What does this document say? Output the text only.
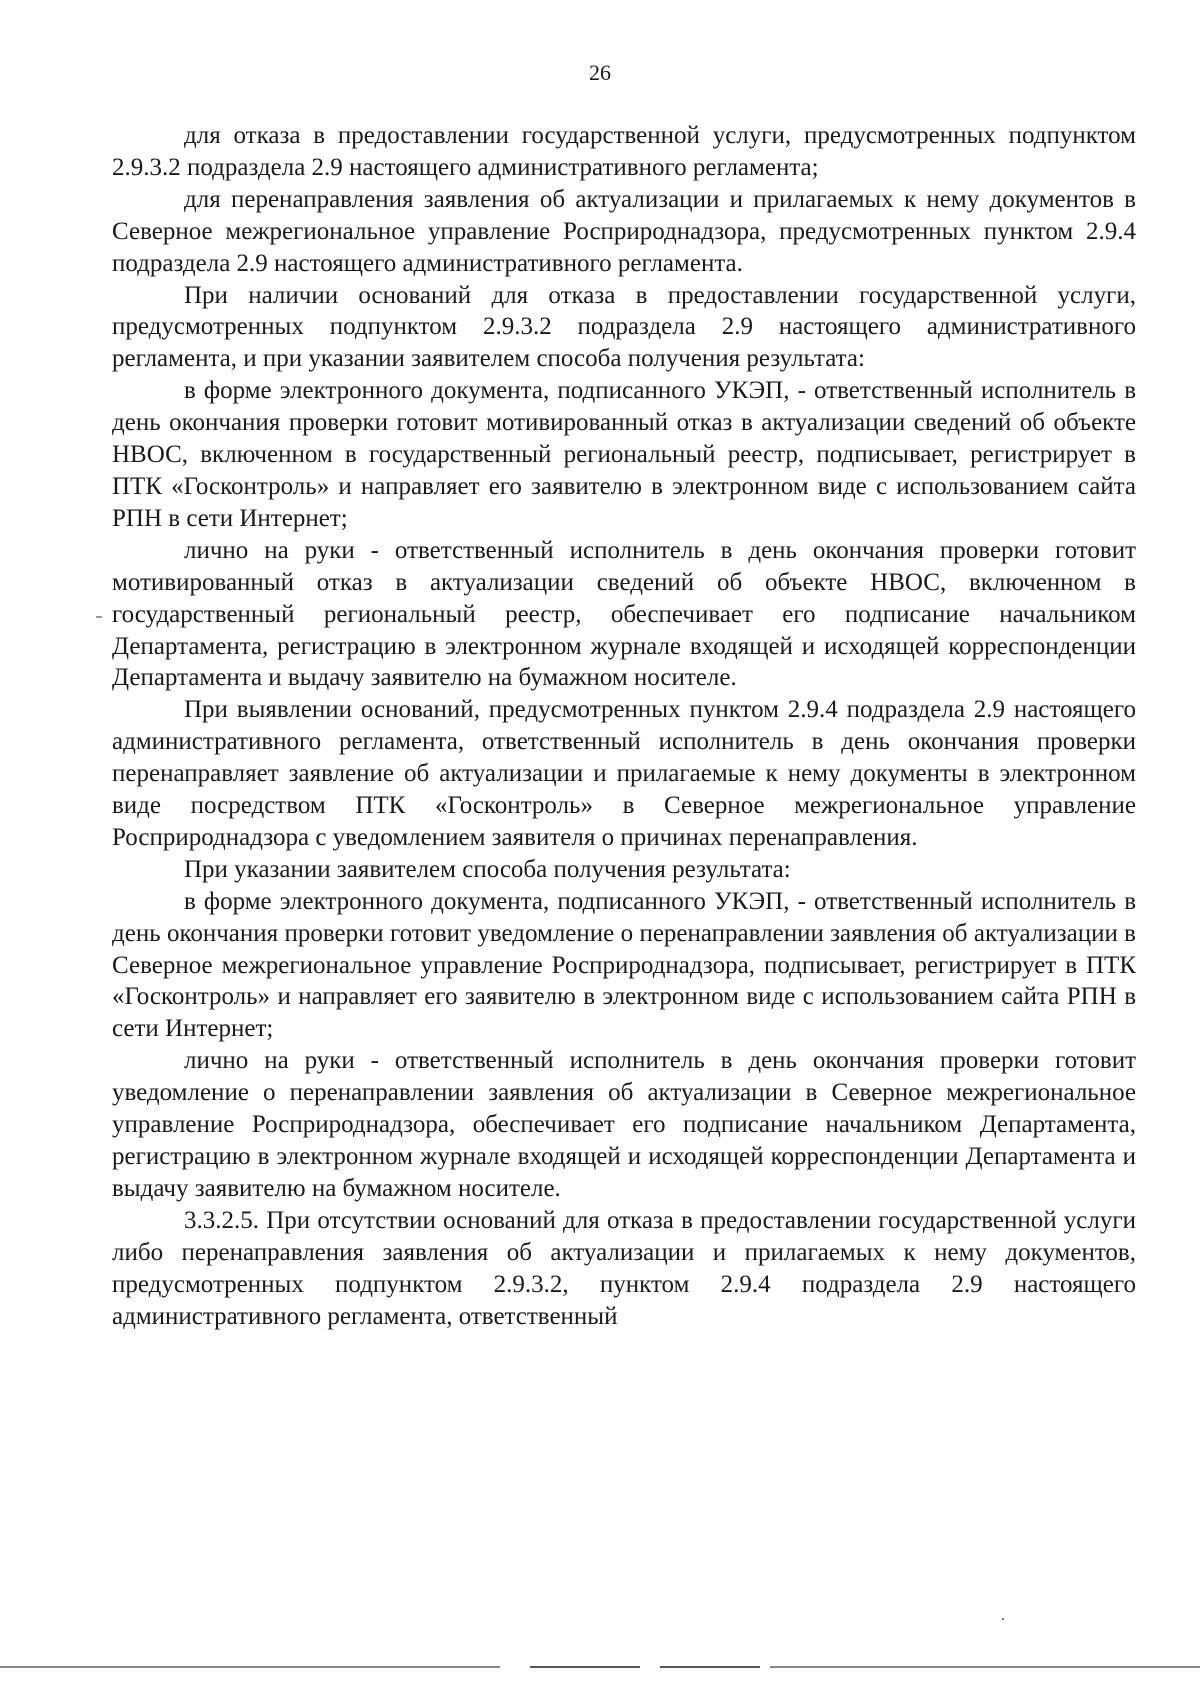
26

для отказа в предоставлении государственной услуги, предусмотренных подпунктом 2.9.3.2 подраздела 2.9 настоящего административного регламента;

для перенаправления заявления об актуализации и прилагаемых к нему документов в Северное межрегиональное управление Росприроднадзора, предусмотренных пунктом 2.9.4 подраздела 2.9 настоящего административного регламента.

При наличии оснований для отказа в предоставлении государственной услуги, предусмотренных подпунктом 2.9.3.2 подраздела 2.9 настоящего административного регламента, и при указании заявителем способа получения результата:

в форме электронного документа, подписанного УКЭП, - ответственный исполнитель в день окончания проверки готовит мотивированный отказ в актуализации сведений об объекте НВОС, включенном в государственный региональный реестр, подписывает, регистрирует в ПТК «Госконтроль» и направляет его заявителю в электронном виде с использованием сайта РПН в сети Интернет;

лично на руки - ответственный исполнитель в день окончания проверки готовит мотивированный отказ в актуализации сведений об объекте НВОС, включенном в государственный региональный реестр, обеспечивает его подписание начальником Департамента, регистрацию в электронном журнале входящей и исходящей корреспонденции Департамента и выдачу заявителю на бумажном носителе.

При выявлении оснований, предусмотренных пунктом 2.9.4 подраздела 2.9 настоящего административного регламента, ответственный исполнитель в день окончания проверки перенаправляет заявление об актуализации и прилагаемые к нему документы в электронном виде посредством ПТК «Госконтроль» в Северное межрегиональное управление Росприроднадзора с уведомлением заявителя о причинах перенаправления.

При указании заявителем способа получения результата:

в форме электронного документа, подписанного УКЭП, - ответственный исполнитель в день окончания проверки готовит уведомление о перенаправлении заявления об актуализации в Северное межрегиональное управление Росприроднадзора, подписывает, регистрирует в ПТК «Госконтроль» и направляет его заявителю в электронном виде с использованием сайта РПН в сети Интернет;

лично на руки - ответственный исполнитель в день окончания проверки готовит уведомление о перенаправлении заявления об актуализации в Северное межрегиональное управление Росприроднадзора, обеспечивает его подписание начальником Департамента, регистрацию в электронном журнале входящей и исходящей корреспонденции Департамента и выдачу заявителю на бумажном носителе.

3.3.2.5. При отсутствии оснований для отказа в предоставлении государственной услуги либо перенаправления заявления об актуализации и прилагаемых к нему документов, предусмотренных подпунктом 2.9.3.2, пунктом 2.9.4 подраздела 2.9 настоящего административного регламента, ответственный
